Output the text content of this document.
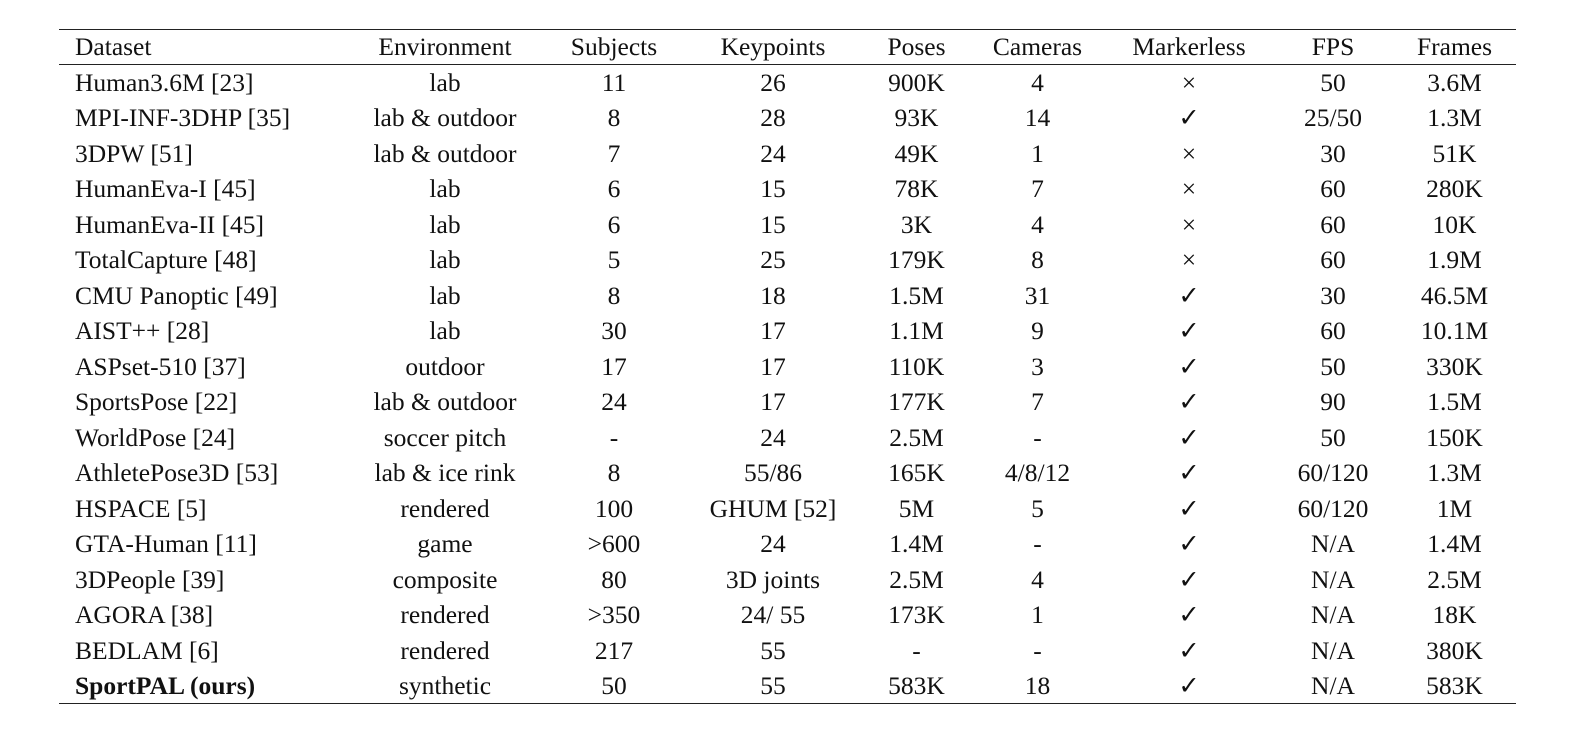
Dataset	Environment	Subjects	Keypoints	Poses	Cameras	Markerless	FPS	Frames
Human3.6M [23]	lab	11	26	900K	4	×	50	3.6M
MPI-INF-3DHP [35]	lab & outdoor	8	28	93K	14	✓	25/50	1.3M
3DPW [51]	lab & outdoor	7	24	49K	1	×	30	51K
HumanEva-I [45]	lab	6	15	78K	7	×	60	280K
HumanEva-II [45]	lab	6	15	3K	4	×	60	10K
TotalCapture [48]	lab	5	25	179K	8	×	60	1.9M
CMU Panoptic [49]	lab	8	18	1.5M	31	✓	30	46.5M
AIST++ [28]	lab	30	17	1.1M	9	✓	60	10.1M
ASPset-510 [37]	outdoor	17	17	110K	3	✓	50	330K
SportsPose [22]	lab & outdoor	24	17	177K	7	✓	90	1.5M
WorldPose [24]	soccer pitch	-	24	2.5M	-	✓	50	150K
AthletePose3D [53]	lab & ice rink	8	55/86	165K	4/8/12	✓	60/120	1.3M
HSPACE [5]	rendered	100	GHUM [52]	5M	5	✓	60/120	1M
GTA-Human [11]	game	>600	24	1.4M	-	✓	N/A	1.4M
3DPeople [39]	composite	80	3D joints	2.5M	4	✓	N/A	2.5M
AGORA [38]	rendered	>350	24/ 55	173K	1	✓	N/A	18K
BEDLAM [6]	rendered	217	55	-	-	✓	N/A	380K
SportPAL (ours)	synthetic	50	55	583K	18	✓	N/A	583K
